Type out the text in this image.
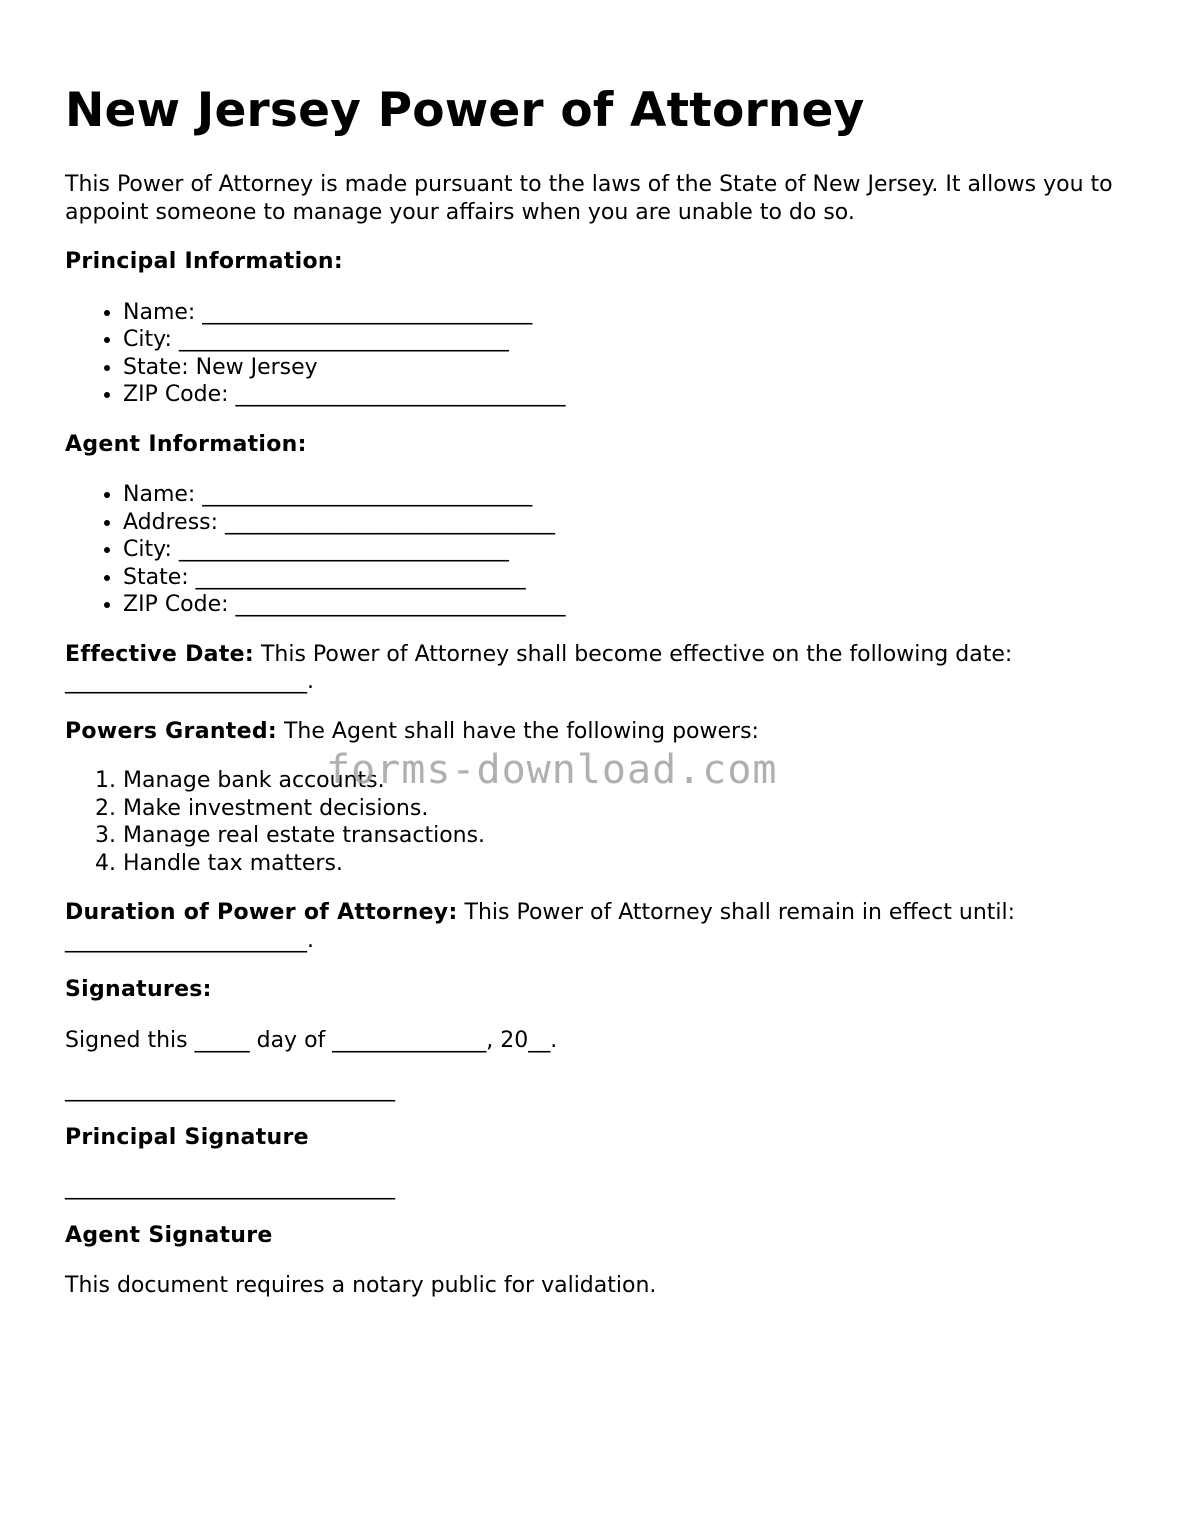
New Jersey Power of Attorney

This Power of Attorney is made pursuant to the laws of the State of New Jersey. It allows you to appoint someone to manage your affairs when you are unable to do so.

Principal Information:

• Name: ______________________________
• City: ______________________________
• State: New Jersey
• ZIP Code: ______________________________

Agent Information:

• Name: ______________________________
• Address: ______________________________
• City: ______________________________
• State: ______________________________
• ZIP Code: ______________________________

Effective Date: This Power of Attorney shall become effective on the following date: ______________________.

Powers Granted: The Agent shall have the following powers:

1. Manage bank accounts.
2. Make investment decisions.
3. Manage real estate transactions.
4. Handle tax matters.

Duration of Power of Attorney: This Power of Attorney shall remain in effect until: ______________________.

Signatures:

Signed this _____ day of ______________, 20__.

______________________________

Principal Signature

______________________________

Agent Signature

This document requires a notary public for validation.

forms-download.com
